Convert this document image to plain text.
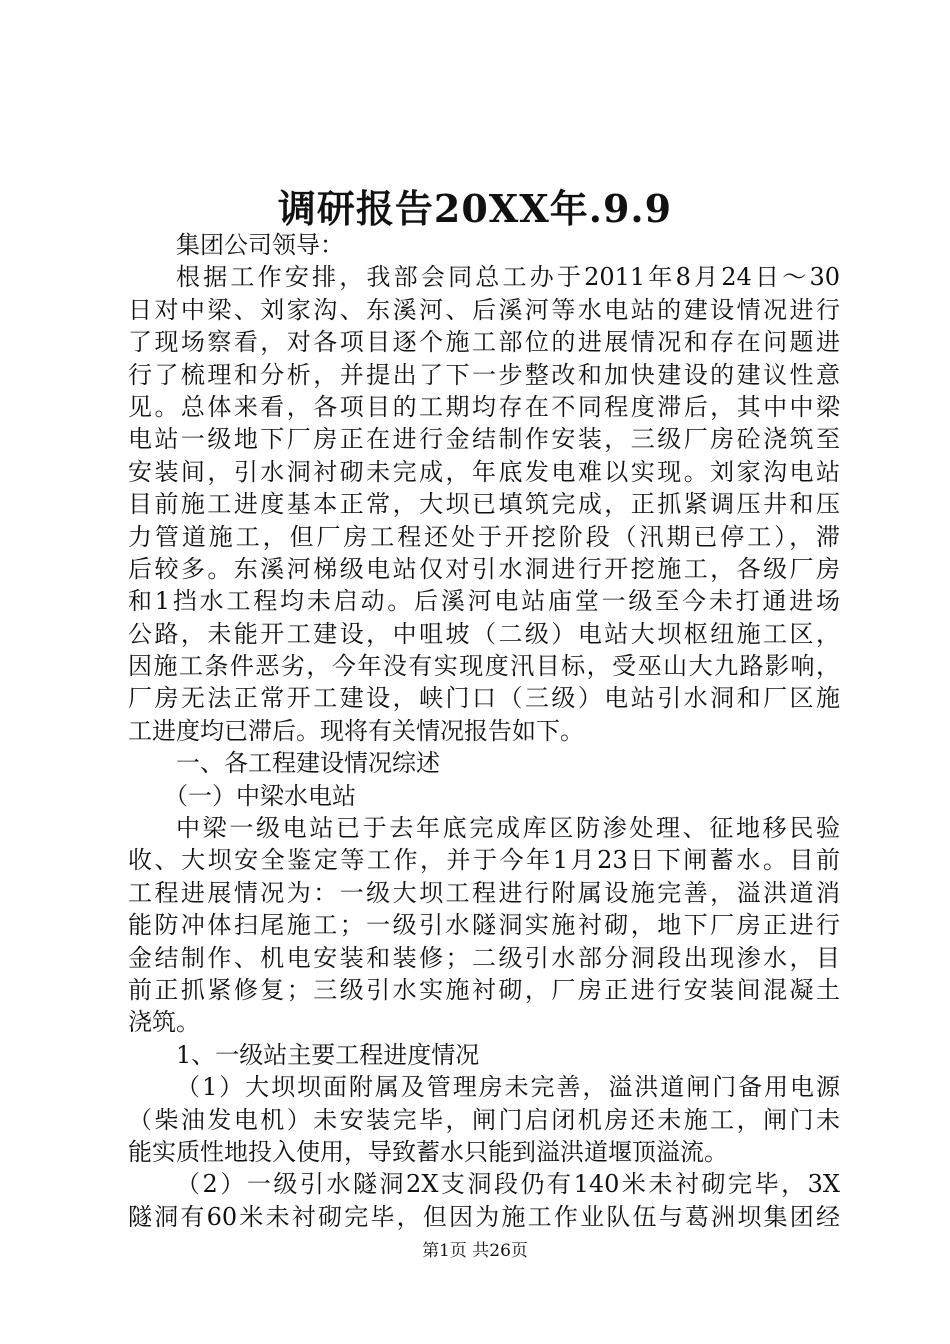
调研报告20XX年.9.9
集团公司领导：
根据工作安排，我部会同总工办于2011年8月24日～30
日对中梁、刘家沟、东溪河、后溪河等水电站的建设情况进行
了现场察看，对各项目逐个施工部位的进展情况和存在问题进
行了梳理和分析，并提出了下一步整改和加快建设的建议性意
见。总体来看，各项目的工期均存在不同程度滞后，其中中梁
电站一级地下厂房正在进行金结制作安装，三级厂房砼浇筑至
安装间，引水洞衬砌未完成，年底发电难以实现。刘家沟电站
目前施工进度基本正常，大坝已填筑完成，正抓紧调压井和压
力管道施工，但厂房工程还处于开挖阶段（汛期已停工），滞
后较多。东溪河梯级电站仅对引水洞进行开挖施工，各级厂房
和1挡水工程均未启动。后溪河电站庙堂一级至今未打通进场
公路，未能开工建设，中咀坡（二级）电站大坝枢纽施工区，
因施工条件恶劣，今年没有实现度汛目标，受巫山大九路影响，
厂房无法正常开工建设，峡门口（三级）电站引水洞和厂区施
工进度均已滞后。现将有关情况报告如下。
一、各工程建设情况综述
（一）中梁水电站
中梁一级电站已于去年底完成库区防渗处理、征地移民验
收、大坝安全鉴定等工作，并于今年1月23日下闸蓄水。目前
工程进展情况为：一级大坝工程进行附属设施完善，溢洪道消
能防冲体扫尾施工；一级引水隧洞实施衬砌，地下厂房正进行
金结制作、机电安装和装修；二级引水部分洞段出现渗水，目
前正抓紧修复；三级引水实施衬砌，厂房正进行安装间混凝土
浇筑。
1、一级站主要工程进度情况
（1）大坝坝面附属及管理房未完善，溢洪道闸门备用电源
（柴油发电机）未安装完毕，闸门启闭机房还未施工，闸门未
能实质性地投入使用，导致蓄水只能到溢洪道堰顶溢流。
（2）一级引水隧洞2X支洞段仍有140米未衬砌完毕，3X
隧洞有60米未衬砌完毕，但因为施工作业队伍与葛洲坝集团经
第1页 共26页
